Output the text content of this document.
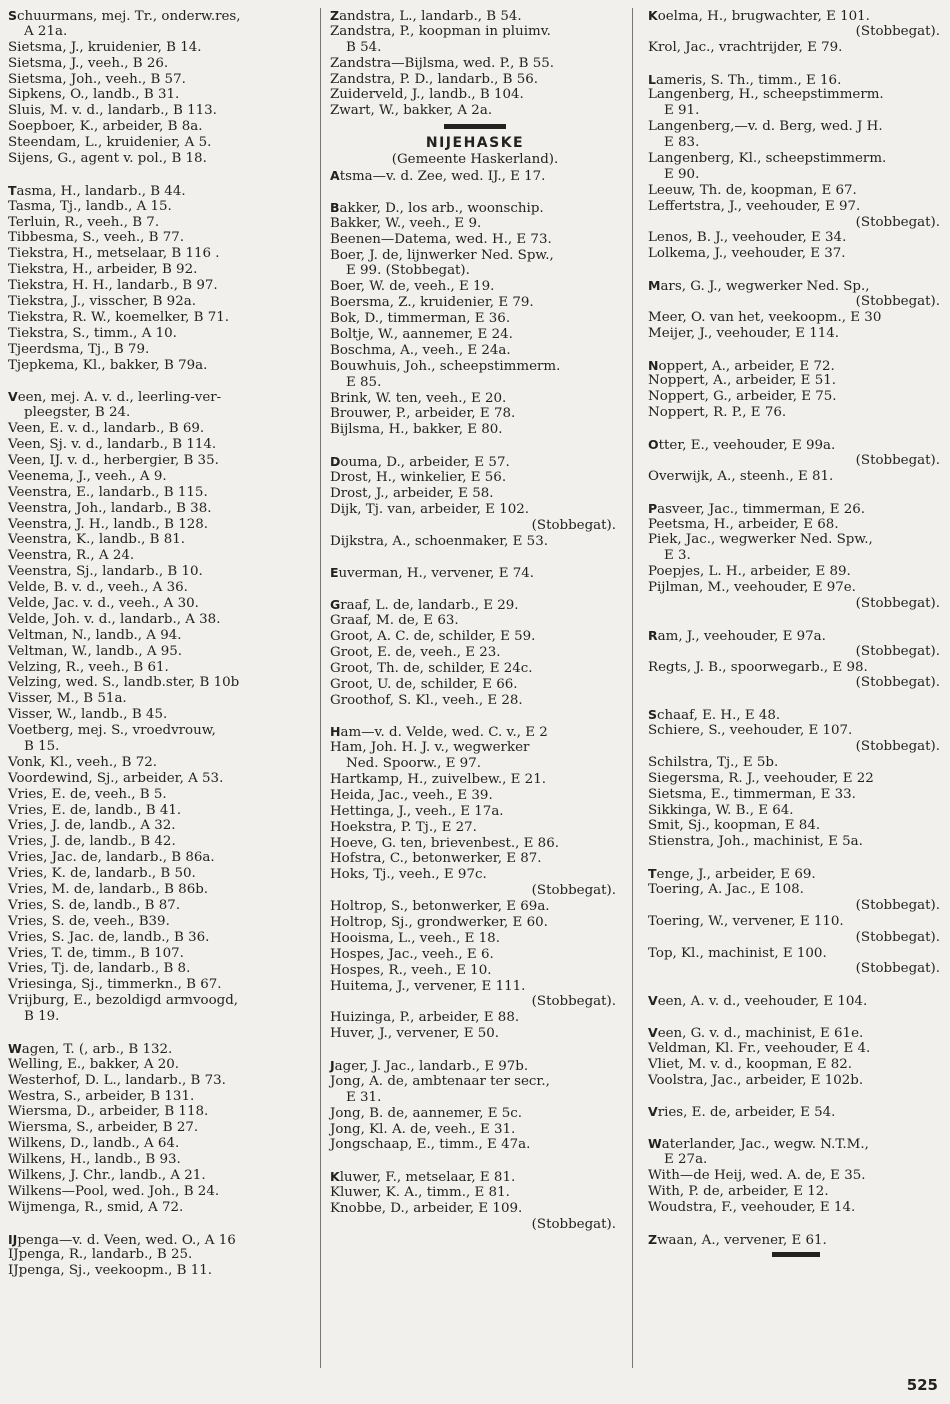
Schuurmans, mej. Tr., onderw.res,
A 21a.
Sietsma, J., kruidenier, B 14.
Sietsma, J., veeh., B 26.
Sietsma, Joh., veeh., B 57.
Sipkens, O., landb., B 31.
Sluis, M. v. d., landarb., B 113.
Soepboer, K., arbeider, B 8a.
Steendam, L., kruidenier, A 5.
Sijens, G., agent v. pol., B 18.
Tasma, H., landarb., B 44.
Tasma, Tj., landb., A 15.
Terluin, R., veeh., B 7.
Tibbesma, S., veeh., B 77.
Tiekstra, H., metselaar, B 116 .
Tiekstra, H., arbeider, B 92.
Tiekstra, H. H., landarb., B 97.
Tiekstra, J., visscher, B 92a.
Tiekstra, R. W., koemelker, B 71.
Tiekstra, S., timm., A 10.
Tjeerdsma, Tj., B 79.
Tjepkema, Kl., bakker, B 79a.
Veen, mej. A. v. d., leerling-ver-
pleegster, B 24.
Veen, E. v. d., landarb., B 69.
Veen, Sj. v. d., landarb., B 114.
Veen, IJ. v. d., herbergier, B 35.
Veenema, J., veeh., A 9.
Veenstra, E., landarb., B 115.
Veenstra, Joh., landarb., B 38.
Veenstra, J. H., landb., B 128.
Veenstra, K., landb., B 81.
Veenstra, R., A 24.
Veenstra, Sj., landarb., B 10.
Velde, B. v. d., veeh., A 36.
Velde, Jac. v. d., veeh., A 30.
Velde, Joh. v. d., landarb., A 38.
Veltman, N., landb., A 94.
Veltman, W., landb., A 95.
Velzing, R., veeh., B 61.
Velzing, wed. S., landb.ster, B 10b
Visser, M., B 51a.
Visser, W., landb., B 45.
Voetberg, mej. S., vroedvrouw,
B 15.
Vonk, Kl., veeh., B 72.
Voordewind, Sj., arbeider, A 53.
Vries, E. de, veeh., B 5.
Vries, E. de, landb., B 41.
Vries, J. de, landb., A 32.
Vries, J. de, landb., B 42.
Vries, Jac. de, landarb., B 86a.
Vries, K. de, landarb., B 50.
Vries, M. de, landarb., B 86b.
Vries, S. de, landb., B 87.
Vries, S. de, veeh., B39.
Vries, S. Jac. de, landb., B 36.
Vries, T. de, timm., B 107.
Vries, Tj. de, landarb., B 8.
Vriesinga, Sj., timmerkn., B 67.
Vrijburg, E., bezoldigd armvoogd,
B 19.
Wagen, T. (, arb., B 132.
Welling, E., bakker, A 20.
Westerhof, D. L., landarb., B 73.
Westra, S., arbeider, B 131.
Wiersma, D., arbeider, B 118.
Wiersma, S., arbeider, B 27.
Wilkens, D., landb., A 64.
Wilkens, H., landb., B 93.
Wilkens, J. Chr., landb., A 21.
Wilkens—Pool, wed. Joh., B 24.
Wijmenga, R., smid, A 72.
IJpenga—v. d. Veen, wed. O., A 16
IJpenga, R., landarb., B 25.
IJpenga, Sj., veekoopm., B 11.
Zandstra, L., landarb., B 54.
Zandstra, P., koopman in pluimv.
B 54.
Zandstra—Bijlsma, wed. P., B 55.
Zandstra, P. D., landarb., B 56.
Zuiderveld, J., landb., B 104.
Zwart, W., bakker, A 2a.
NIJEHASKE
(Gemeente Haskerland).
Atsma—v. d. Zee, wed. IJ., E 17.
Bakker, D., los arb., woonschip.
Bakker, W., veeh., E 9.
Beenen—Datema, wed. H., E 73.
Boer, J. de, lijnwerker Ned. Spw.,
E 99. (Stobbegat).
Boer, W. de, veeh., E 19.
Boersma, Z., kruidenier, E 79.
Bok, D., timmerman, E 36.
Boltje, W., aannemer, E 24.
Boschma, A., veeh., E 24a.
Bouwhuis, Joh., scheepstimmerm.
E 85.
Brink, W. ten, veeh., E 20.
Brouwer, P., arbeider, E 78.
Bijlsma, H., bakker, E 80.
Douma, D., arbeider, E 57.
Drost, H., winkelier, E 56.
Drost, J., arbeider, E 58.
Dijk, Tj. van, arbeider, E 102.
(Stobbegat).
Dijkstra, A., schoenmaker, E 53.
Euverman, H., vervener, E 74.
Graaf, L. de, landarb., E 29.
Graaf, M. de, E 63.
Groot, A. C. de, schilder, E 59.
Groot, E. de, veeh., E 23.
Groot, Th. de, schilder, E 24c.
Groot, U. de, schilder, E 66.
Groothof, S. Kl., veeh., E 28.
Ham—v. d. Velde, wed. C. v., E 2
Ham, Joh. H. J. v., wegwerker
Ned. Spoorw., E 97.
Hartkamp, H., zuivelbew., E 21.
Heida, Jac., veeh., E 39.
Hettinga, J., veeh., E 17a.
Hoekstra, P. Tj., E 27.
Hoeve, G. ten, brievenbest., E 86.
Hofstra, C., betonwerker, E 87.
Hoks, Tj., veeh., E 97c.
(Stobbegat).
Holtrop, S., betonwerker, E 69a.
Holtrop, Sj., grondwerker, E 60.
Hooisma, L., veeh., E 18.
Hospes, Jac., veeh., E 6.
Hospes, R., veeh., E 10.
Huitema, J., vervener, E 111.
(Stobbegat).
Huizinga, P., arbeider, E 88.
Huver, J., vervener, E 50.
Jager, J. Jac., landarb., E 97b.
Jong, A. de, ambtenaar ter secr.,
E 31.
Jong, B. de, aannemer, E 5c.
Jong, Kl. A. de, veeh., E 31.
Jongschaap, E., timm., E 47a.
Kluwer, F., metselaar, E 81.
Kluwer, K. A., timm., E 81.
Knobbe, D., arbeider, E 109.
(Stobbegat).
Koelma, H., brugwachter, E 101.
(Stobbegat).
Krol, Jac., vrachtrijder, E 79.
Lameris, S. Th., timm., E 16.
Langenberg, H., scheepstimmerm.
E 91.
Langenberg,—v. d. Berg, wed. J H.
E 83.
Langenberg, Kl., scheepstimmerm.
E 90.
Leeuw, Th. de, koopman, E 67.
Leffertstra, J., veehouder, E 97.
(Stobbegat).
Lenos, B. J., veehouder, E 34.
Lolkema, J., veehouder, E 37.
Mars, G. J., wegwerker Ned. Sp.,
(Stobbegat).
Meer, O. van het, veekoopm., E 30
Meijer, J., veehouder, E 114.
Noppert, A., arbeider, E 72.
Noppert, A., arbeider, E 51.
Noppert, G., arbeider, E 75.
Noppert, R. P., E 76.
Otter, E., veehouder, E 99a.
(Stobbegat).
Overwijk, A., steenh., E 81.
Pasveer, Jac., timmerman, E 26.
Peetsma, H., arbeider, E 68.
Piek, Jac., wegwerker Ned. Spw.,
E 3.
Poepjes, L. H., arbeider, E 89.
Pijlman, M., veehouder, E 97e.
(Stobbegat).
Ram, J., veehouder, E 97a.
(Stobbegat).
Regts, J. B., spoorwegarb., E 98.
(Stobbegat).
Schaaf, E. H., E 48.
Schiere, S., veehouder, E 107.
(Stobbegat).
Schilstra, Tj., E 5b.
Siegersma, R. J., veehouder, E 22
Sietsma, E., timmerman, E 33.
Sikkinga, W. B., E 64.
Smit, Sj., koopman, E 84.
Stienstra, Joh., machinist, E 5a.
Tenge, J., arbeider, E 69.
Toering, A. Jac., E 108.
(Stobbegat).
Toering, W., vervener, E 110.
(Stobbegat).
Top, Kl., machinist, E 100.
(Stobbegat).
Veen, A. v. d., veehouder, E 104.
Veen, G. v. d., machinist, E 61e.
Veldman, Kl. Fr., veehouder, E 4.
Vliet, M. v. d., koopman, E 82.
Voolstra, Jac., arbeider, E 102b.
Vries, E. de, arbeider, E 54.
Waterlander, Jac., wegw. N.T.M.,
E 27a.
With—de Heij, wed. A. de, E 35.
With, P. de, arbeider, E 12.
Woudstra, F., veehouder, E 14.
Zwaan, A., vervener, E 61.
525
